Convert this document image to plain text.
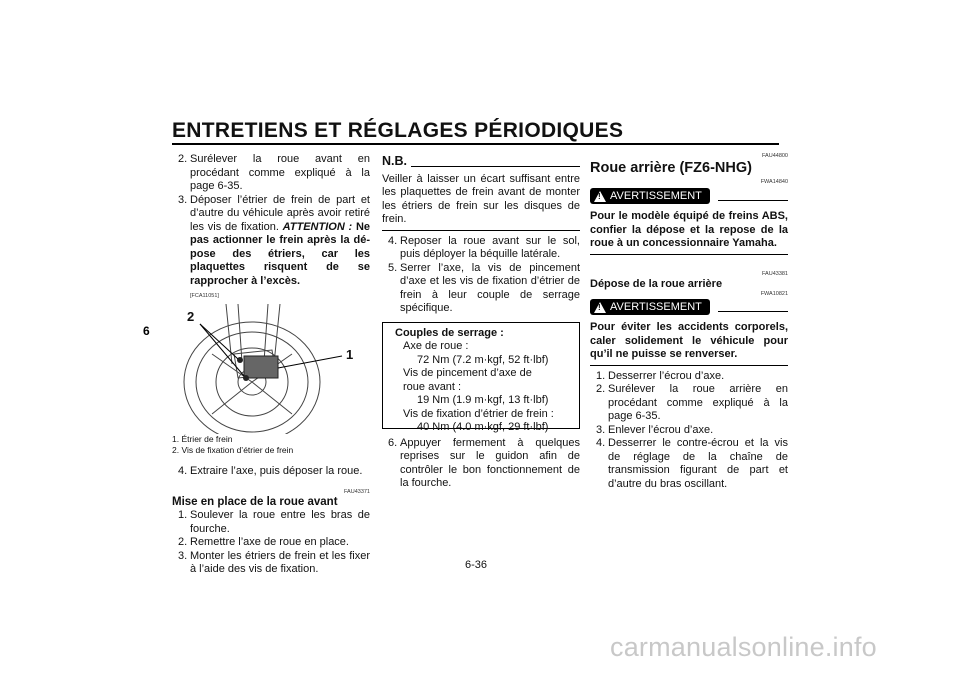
ENTRETIENS ET RÉGLAGES PÉRIODIQUES
6
2. Surélever la roue avant en procédant comme expliqué à la page 6-35.
3. Déposer l’étrier de frein de part et d’autre du véhicule après avoir retiré les vis de fixation. ATTENTION : Ne pas actionner le frein après la dépose des étriers, car les plaquettes risquent de se rapprocher à l’excès.
[FCA11051]
2
1
1. Étrier de frein
2. Vis de fixation d’étrier de frein
4. Extraire l’axe, puis déposer la roue.
FAU43371
Mise en place de la roue avant
1. Soulever la roue entre les bras de fourche.
2. Remettre l’axe de roue en place.
3. Monter les étriers de frein et les fixer à l’aide des vis de fixation.
N.B.
Veiller à laisser un écart suffisant entre les plaquettes de frein avant de monter les étriers de frein sur les disques de frein.
4. Reposer la roue avant sur le sol, puis déployer la béquille latérale.
5. Serrer l’axe, la vis de pincement d’axe et les vis de fixation d’étrier de frein à leur couple de serrage spécifique.
Couples de serrage :
Axe de roue :
72 Nm (7.2 m·kgf, 52 ft·lbf)
Vis de pincement d’axe de roue avant :
19 Nm (1.9 m·kgf, 13 ft·lbf)
Vis de fixation d’étrier de frein :
40 Nm (4.0 m·kgf, 29 ft·lbf)
6. Appuyer fermement à quelques reprises sur le guidon afin de contrôler le bon fonctionnement de la fourche.
FAU44800
Roue arrière (FZ6-NHG)
FWA14840
! AVERTISSEMENT
Pour le modèle équipé de freins ABS, confier la dépose et la repose de la roue à un concessionnaire Yamaha.
FAU43381
Dépose de la roue arrière
FWA10821
! AVERTISSEMENT
Pour éviter les accidents corporels, caler solidement le véhicule pour qu’il ne puisse se renverser.
1. Desserrer l’écrou d’axe.
2. Surélever la roue arrière en procédant comme expliqué à la page 6-35.
3. Enlever l’écrou d’axe.
4. Desserrer le contre-écrou et la vis de réglage de la chaîne de transmission figurant de part et d’autre du bras oscillant.
6-36
carmanualsonline.info
